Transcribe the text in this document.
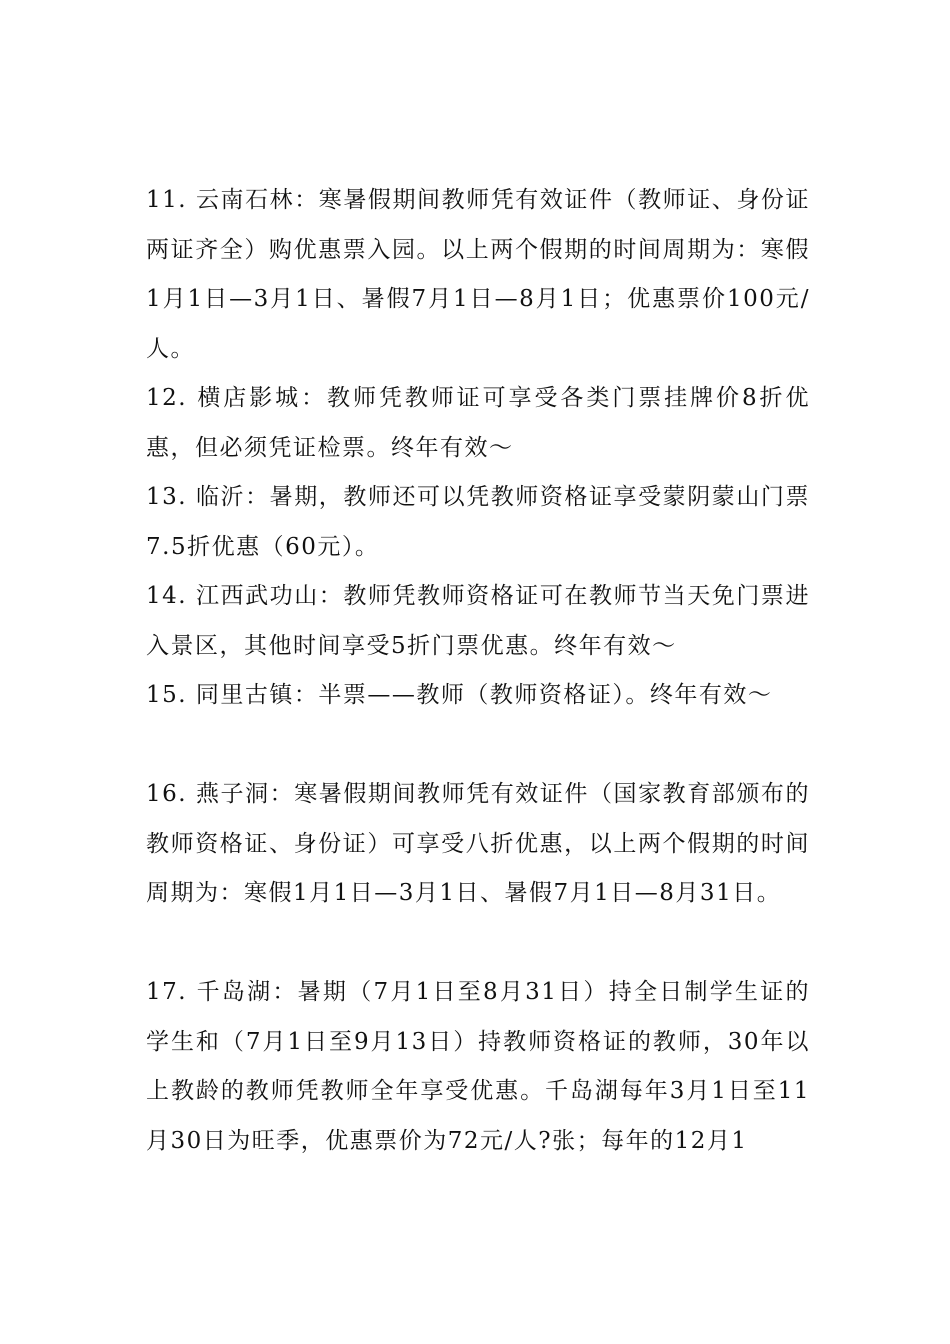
11. 云南石林：寒暑假期间教师凭有效证件（教师证、身份证两证齐全）购优惠票入园。以上两个假期的时间周期为：寒假1月1日—3月1日、暑假7月1日—8月1日；优惠票价100元/人。

12. 横店影城：教师凭教师证可享受各类门票挂牌价8折优惠，但必须凭证检票。终年有效～

13. 临沂：暑期，教师还可以凭教师资格证享受蒙阴蒙山门票7.5折优惠（60元）。

14. 江西武功山：教师凭教师资格证可在教师节当天免门票进入景区，其他时间享受5折门票优惠。终年有效～

15. 同里古镇：半票——教师（教师资格证）。终年有效～

16. 燕子洞：寒暑假期间教师凭有效证件（国家教育部颁布的教师资格证、身份证）可享受八折优惠，以上两个假期的时间周期为：寒假1月1日—3月1日、暑假7月1日—8月31日。

17. 千岛湖：暑期（7月1日至8月31日）持全日制学生证的学生和（7月1日至9月13日）持教师资格证的教师，30年以上教龄的教师凭教师全年享受优惠。千岛湖每年3月1日至11月30日为旺季，优惠票价为72元/人?张；每年的12月1
